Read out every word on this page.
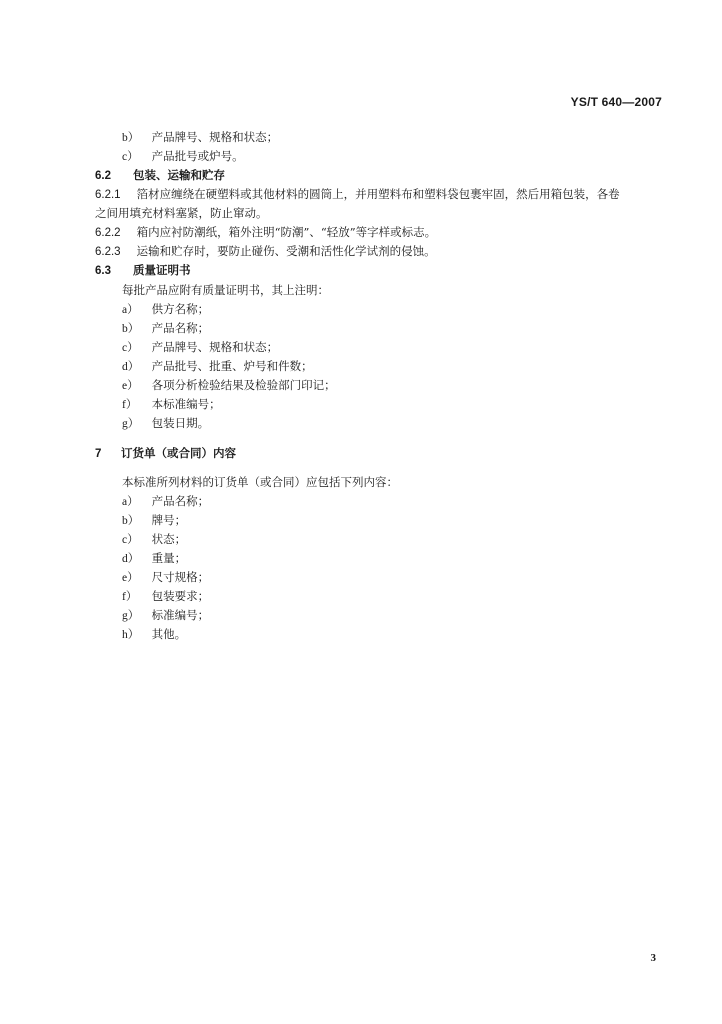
YS/T 640—2007
b） 产品牌号、规格和状态；
c） 产品批号或炉号。
6.2 包装、运输和贮存
6.2.1 箔材应缠绕在硬塑料或其他材料的圆筒上，并用塑料布和塑料袋包裹牢固，然后用箱包装，各卷
之间用填充材料塞紧，防止窜动。
6.2.2 箱内应衬防潮纸，箱外注明“防潮”、“轻放”等字样或标志。
6.2.3 运输和贮存时，要防止碰伤、受潮和活性化学试剂的侵蚀。
6.3 质量证明书
每批产品应附有质量证明书，其上注明：
a） 供方名称；
b） 产品名称；
c） 产品牌号、规格和状态；
d） 产品批号、批重、炉号和件数；
e） 各项分析检验结果及检验部门印记；
f） 本标准编号；
g） 包装日期。
7 订货单（或合同）内容
本标准所列材料的订货单（或合同）应包括下列内容：
a） 产品名称；
b） 牌号；
c） 状态；
d） 重量；
e） 尺寸规格；
f） 包装要求；
g） 标准编号；
h） 其他。
3
